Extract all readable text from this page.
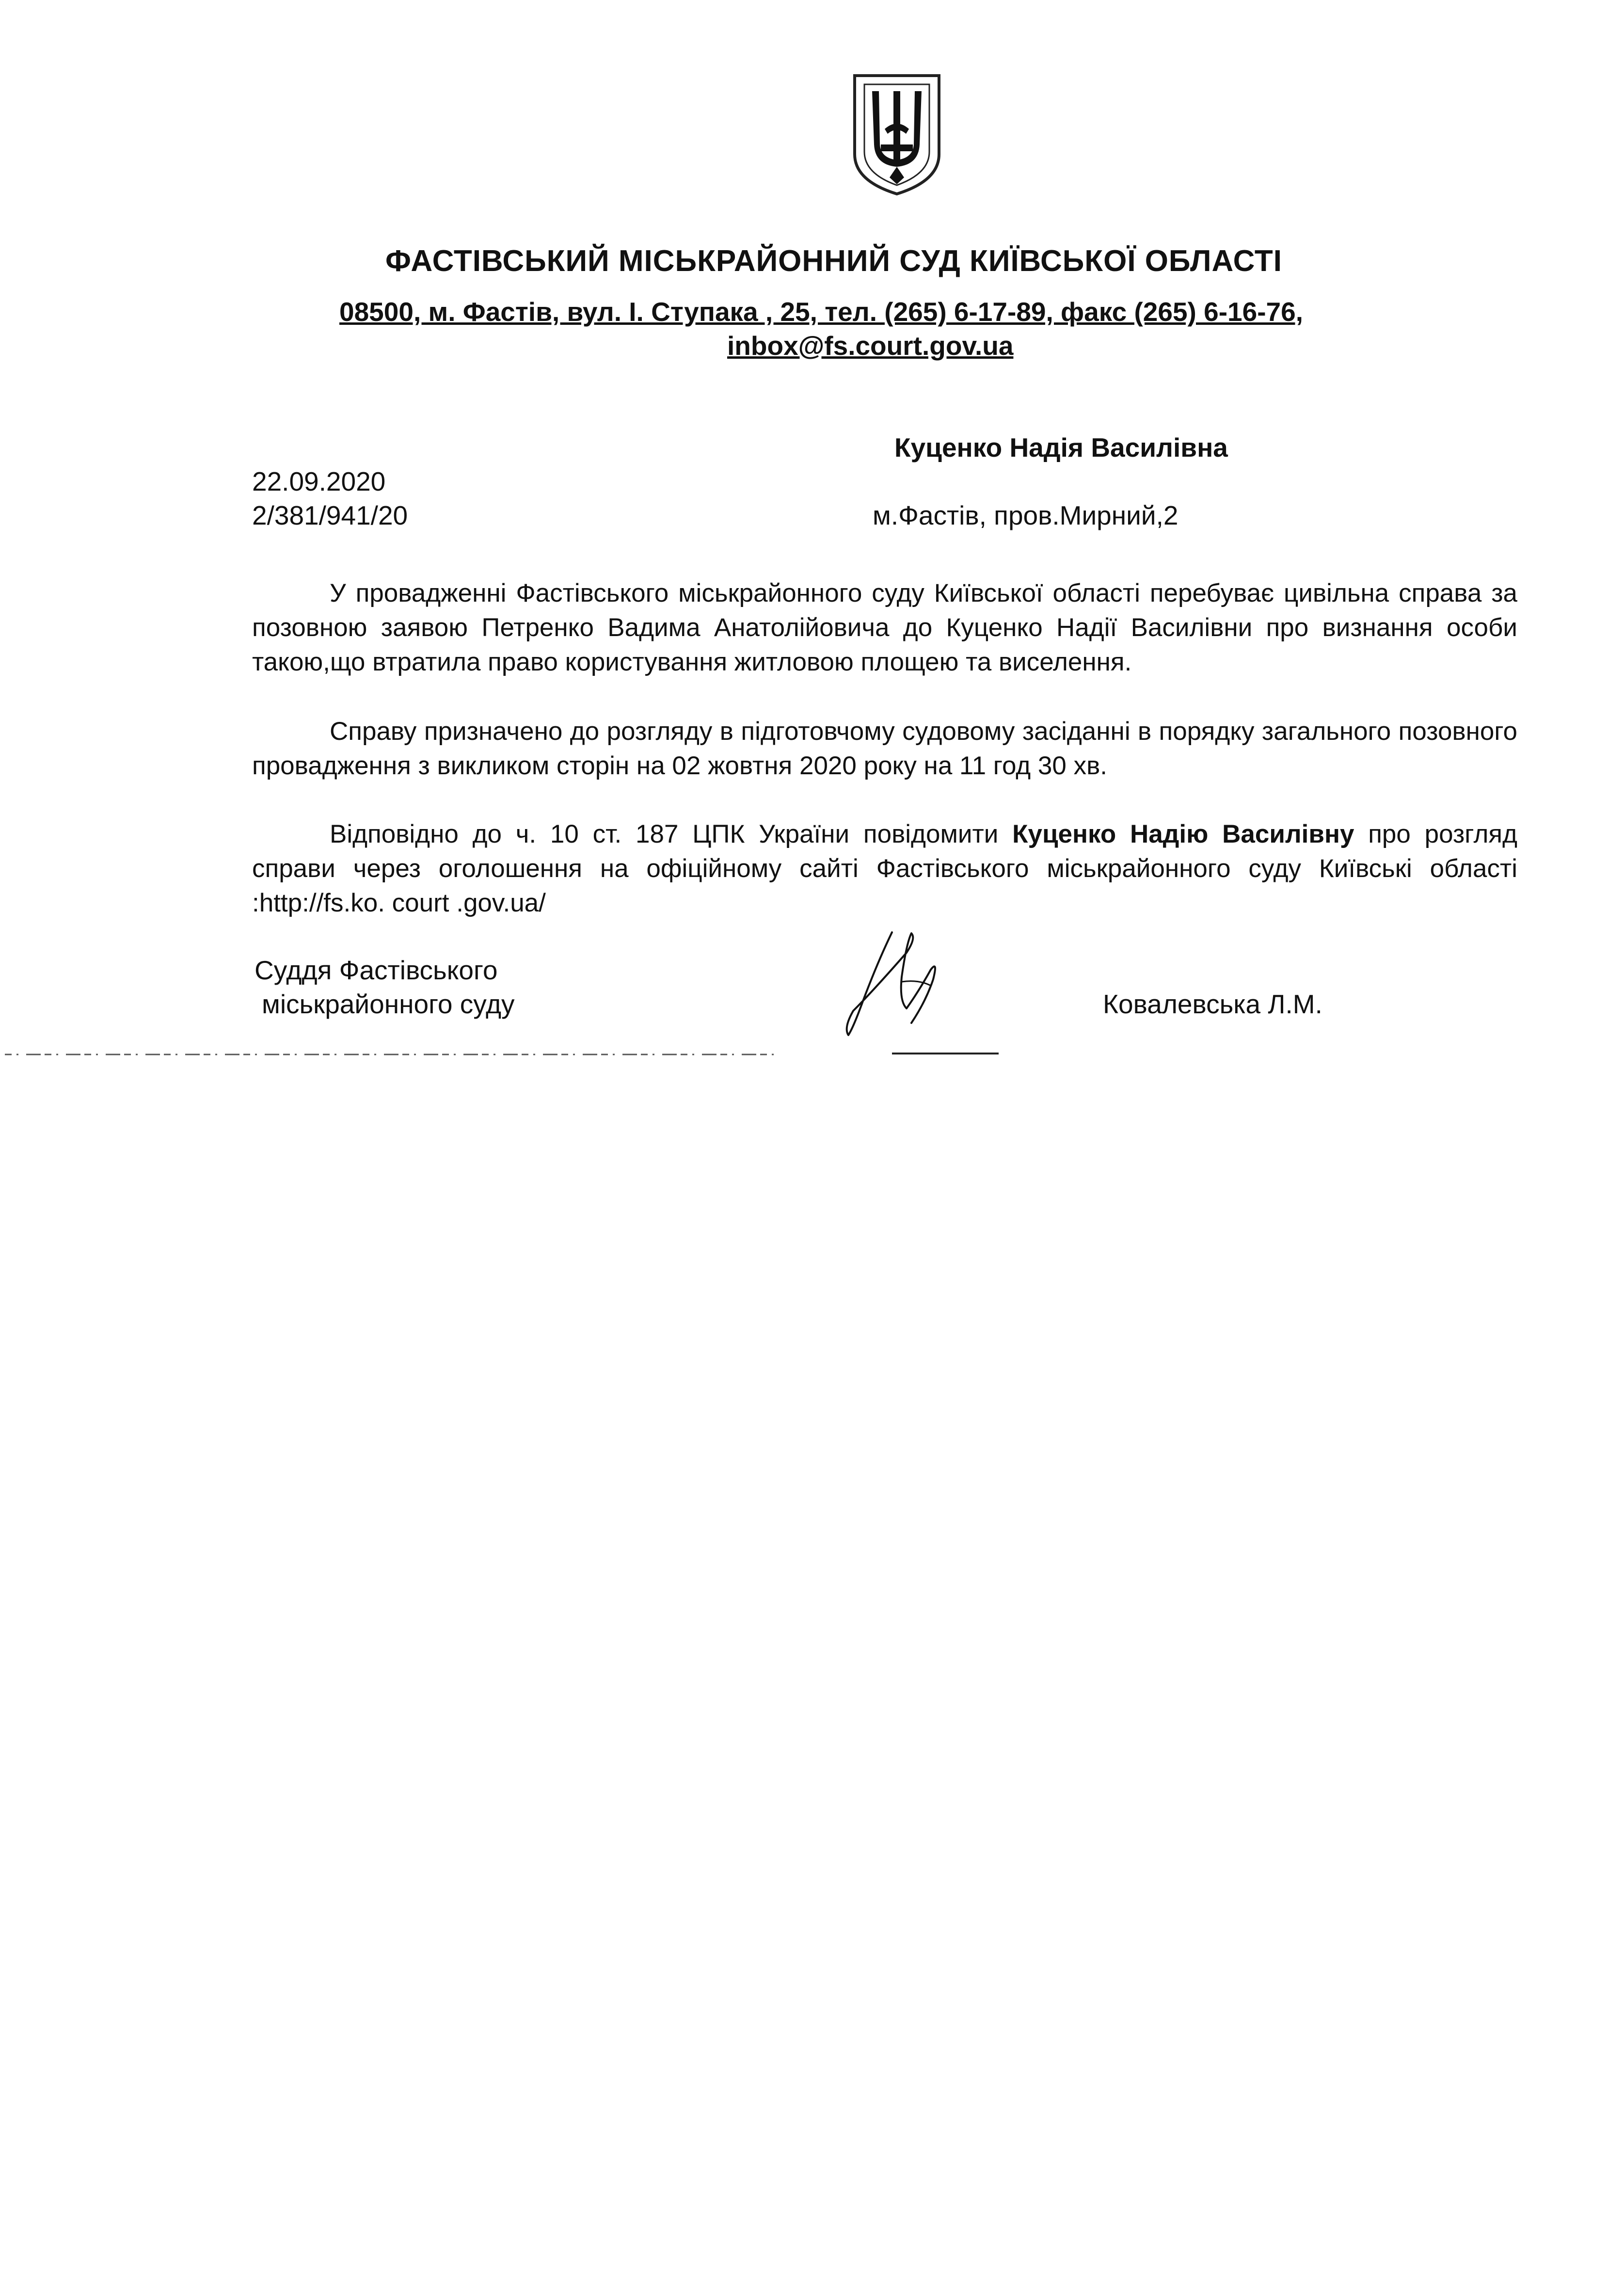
ФАСТІВСЬКИЙ МІСЬКРАЙОННИЙ СУД КИЇВСЬКОЇ ОБЛАСТІ
08500, м. Фастів, вул. І. Ступака , 25, тел. (265) 6-17-89, факс (265) 6-16-76,
inbox@fs.court.gov.ua
Куценко Надія Василівна
22.09.2020
2/381/941/20	м.Фастів, пров.Мирний,2
У провадженні Фастівського міськрайонного суду Київської області перебуває цивільна справа за позовною заявою Петренко Вадима Анатолійовича до Куценко Надії Василівни про визнання особи такою,що втратила право користування житловою площею та виселення.
Справу призначено до розгляду в підготовчому судовому засіданні в порядку загального позовного провадження з викликом сторін на 02 жовтня 2020 року на 11 год 30 хв.
Відповідно до ч. 10 ст. 187 ЦПК України повідомити Куценко Надію Василівну про розгляд справи через оголошення на офіційному сайті Фастівського міськрайонного суду Київські області :http://fs.ko. court .gov.ua/
Суддя Фастівського
міськрайонного суду	Ковалевська Л.М.
